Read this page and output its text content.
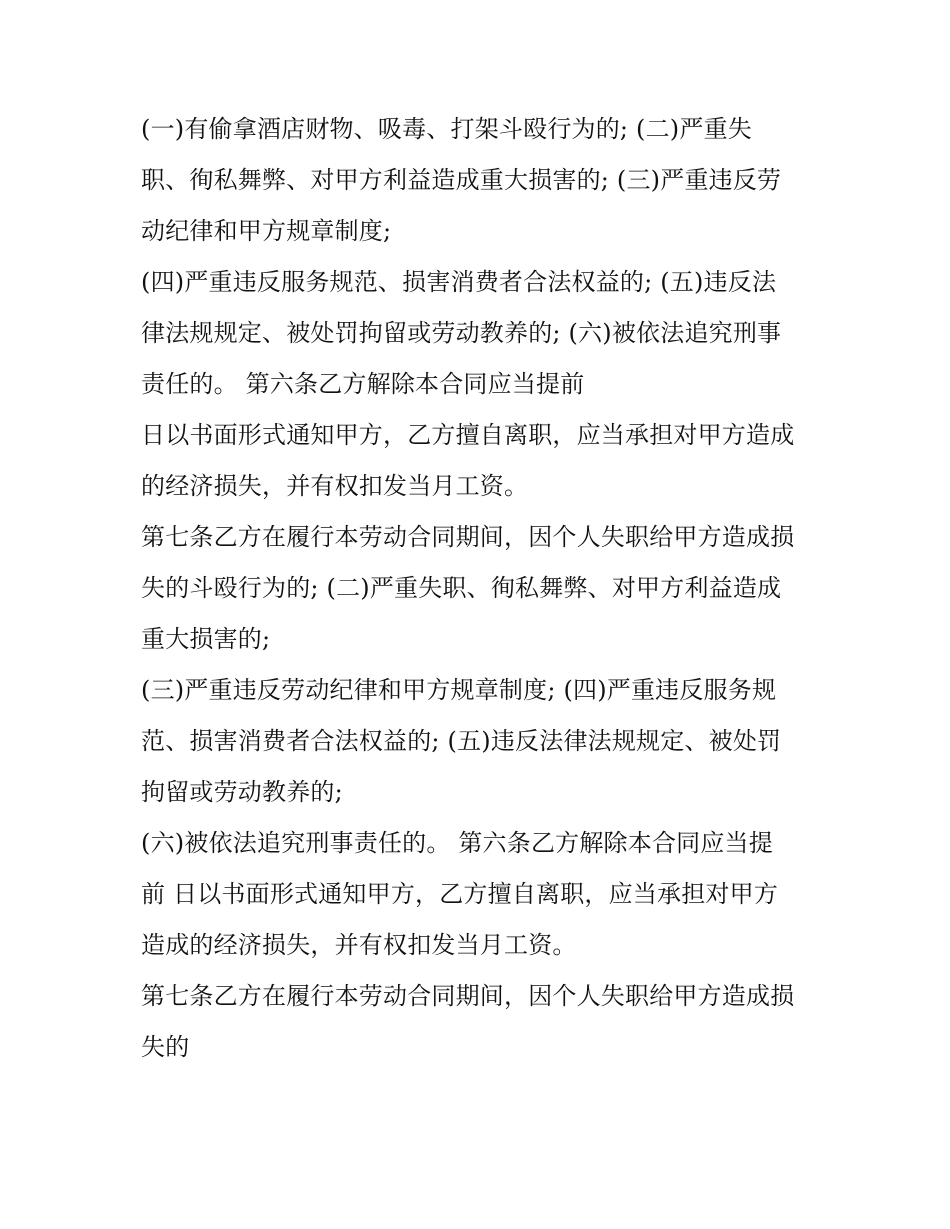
(一)有偷拿酒店财物、吸毒、打架斗殴行为的; (二)严重失
职、徇私舞弊、对甲方利益造成重大损害的; (三)严重违反劳
动纪律和甲方规章制度;
(四)严重违反服务规范、损害消费者合法权益的; (五)违反法
律法规规定、被处罚拘留或劳动教养的; (六)被依法追究刑事
责任的。 第六条乙方解除本合同应当提前
日以书面形式通知甲方，乙方擅自离职，应当承担对甲方造成
的经济损失，并有权扣发当月工资。
第七条乙方在履行本劳动合同期间，因个人失职给甲方造成损
失的斗殴行为的; (二)严重失职、徇私舞弊、对甲方利益造成
重大损害的;
(三)严重违反劳动纪律和甲方规章制度; (四)严重违反服务规
范、损害消费者合法权益的; (五)违反法律法规规定、被处罚
拘留或劳动教养的;
(六)被依法追究刑事责任的。 第六条乙方解除本合同应当提
前 日以书面形式通知甲方，乙方擅自离职，应当承担对甲方
造成的经济损失，并有权扣发当月工资。
第七条乙方在履行本劳动合同期间，因个人失职给甲方造成损
失的
